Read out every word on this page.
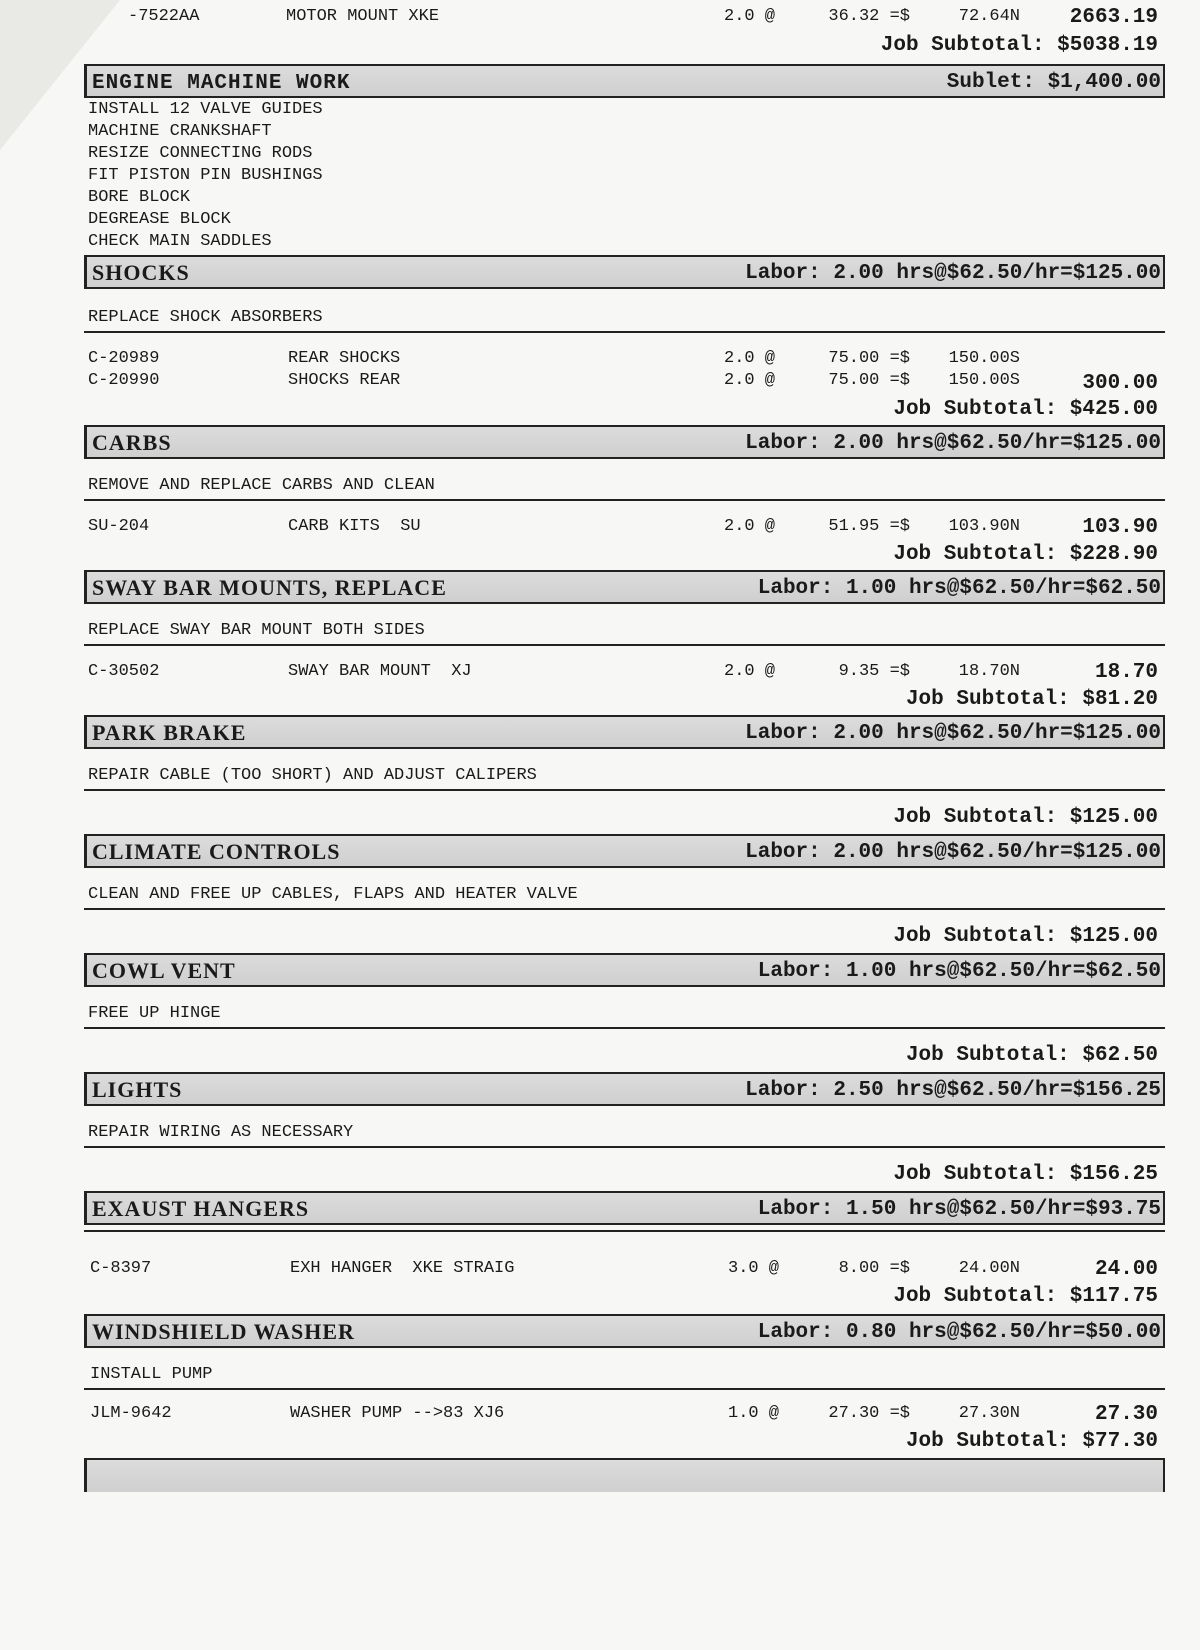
-7522AA	MOTOR MOUNT XKE	2.0 @	36.32 =$	72.64N	2663.19
Job Subtotal: $5038.19
ENGINE MACHINE WORK	Sublet: $1,400.00
INSTALL 12 VALVE GUIDES
MACHINE CRANKSHAFT
RESIZE CONNECTING RODS
FIT PISTON PIN BUSHINGS
BORE BLOCK
DEGREASE BLOCK
CHECK MAIN SADDLES
SHOCKS	Labor: 2.00 hrs@$62.50/hr=$125.00
REPLACE SHOCK ABSORBERS
C-20989	REAR SHOCKS	2.0 @	75.00 =$	150.00S
C-20990	SHOCKS REAR	2.0 @	75.00 =$	150.00S	300.00
Job Subtotal: $425.00
CARBS	Labor: 2.00 hrs@$62.50/hr=$125.00
REMOVE AND REPLACE CARBS AND CLEAN
SU-204	CARB KITS  SU	2.0 @	51.95 =$	103.90N	103.90
Job Subtotal: $228.90
SWAY BAR MOUNTS, REPLACE	Labor: 1.00 hrs@$62.50/hr=$62.50
REPLACE SWAY BAR MOUNT BOTH SIDES
C-30502	SWAY BAR MOUNT  XJ	2.0 @	9.35 =$	18.70N	18.70
Job Subtotal: $81.20
PARK BRAKE	Labor: 2.00 hrs@$62.50/hr=$125.00
REPAIR CABLE (TOO SHORT) AND ADJUST CALIPERS
Job Subtotal: $125.00
CLIMATE CONTROLS	Labor: 2.00 hrs@$62.50/hr=$125.00
CLEAN AND FREE UP CABLES, FLAPS AND HEATER VALVE
Job Subtotal: $125.00
COWL VENT	Labor: 1.00 hrs@$62.50/hr=$62.50
FREE UP HINGE
Job Subtotal: $62.50
LIGHTS	Labor: 2.50 hrs@$62.50/hr=$156.25
REPAIR WIRING AS NECESSARY
Job Subtotal: $156.25
EXAUST HANGERS	Labor: 1.50 hrs@$62.50/hr=$93.75
C-8397	EXH HANGER  XKE STRAIG	3.0 @	8.00 =$	24.00N	24.00
Job Subtotal: $117.75
WINDSHIELD WASHER	Labor: 0.80 hrs@$62.50/hr=$50.00
INSTALL PUMP
JLM-9642	WASHER PUMP -->83 XJ6	1.0 @	27.30 =$	27.30N	27.30
Job Subtotal: $77.30
